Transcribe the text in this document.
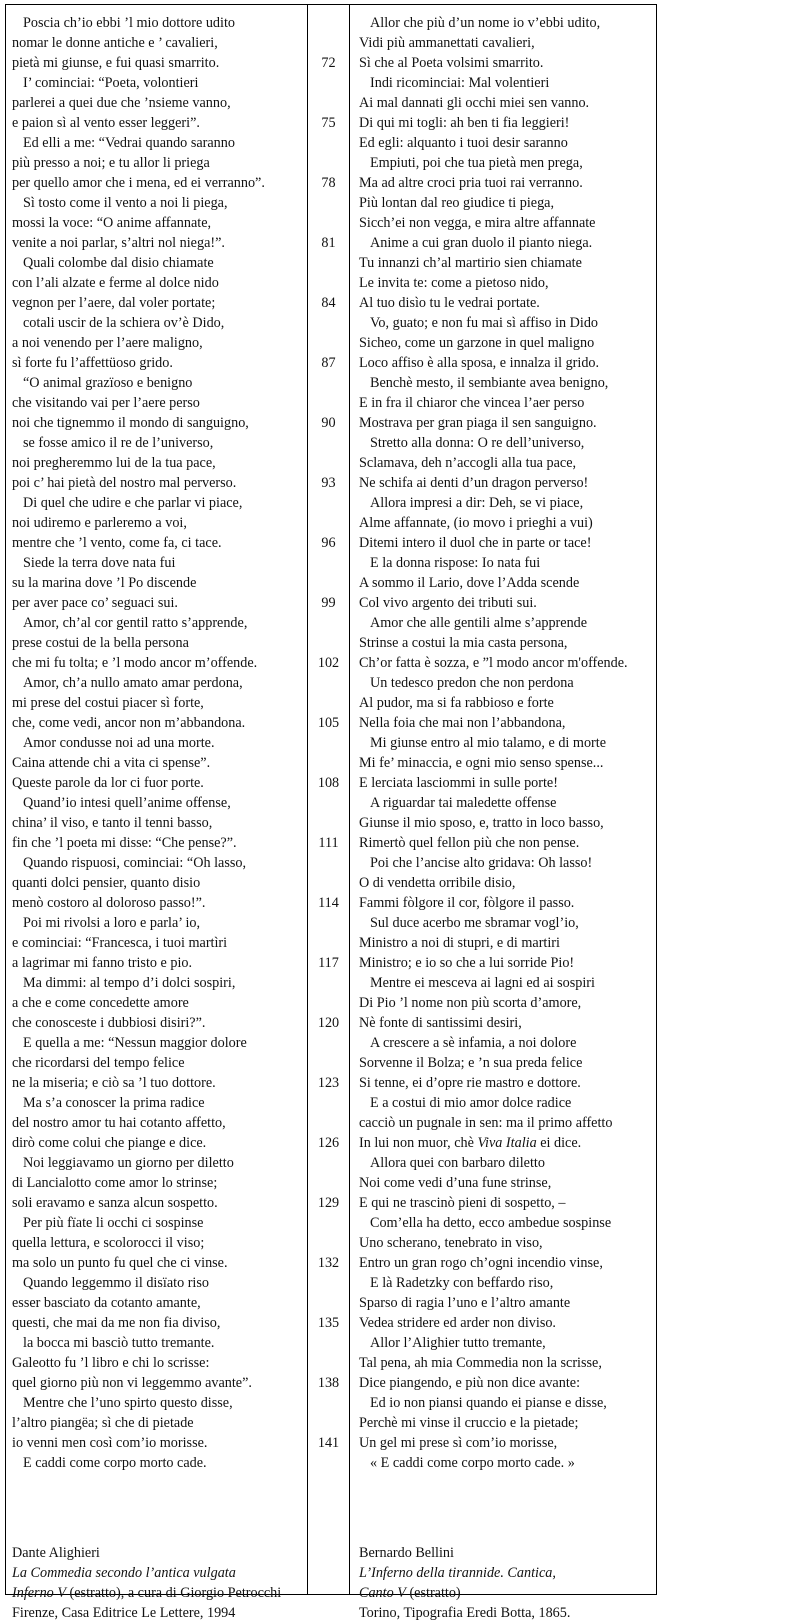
Poscia ch’io ebbi ’l mio dottore udito
nomar le donne antiche e ’ cavalieri,
pietà mi giunse, e fui quasi smarrito.
I’ cominciai: “Poeta, volontieri
parlerei a quei due che ’nsieme vanno,
e paion sì al vento esser leggeri”.
Ed elli a me: “Vedrai quando saranno
più presso a noi; e tu allor li priega
per quello amor che i mena, ed ei verranno”.
Sì tosto come il vento a noi li piega,
mossi la voce: “O anime affannate,
venite a noi parlar, s’altri nol niega!”.
Quali colombe dal disio chiamate
con l’ali alzate e ferme al dolce nido
vegnon per l’aere, dal voler portate;
cotali uscir de la schiera ov’è Dido,
a noi venendo per l’aere maligno,
sì forte fu l’affettüoso grido.
“O animal grazïoso e benigno
che visitando vai per l’aere perso
noi che tignemmo il mondo di sanguigno,
se fosse amico il re de l’universo,
noi pregheremmo lui de la tua pace,
poi c’ hai pietà del nostro mal perverso.
Di quel che udire e che parlar vi piace,
noi udiremo e parleremo a voi,
mentre che ’l vento, come fa, ci tace.
Siede la terra dove nata fui
su la marina dove ’l Po discende
per aver pace co’ seguaci sui.
Amor, ch’al cor gentil ratto s’apprende,
prese costui de la bella persona
che mi fu tolta; e ’l modo ancor m’offende.
Amor, ch’a nullo amato amar perdona,
mi prese del costui piacer sì forte,
che, come vedi, ancor non m’abbandona.
Amor condusse noi ad una morte.
Caina attende chi a vita ci spense”.
Queste parole da lor ci fuor porte.
Quand’io intesi quell’anime offense,
china’ il viso, e tanto il tenni basso,
fin che ’l poeta mi disse: “Che pense?”.
Quando rispuosi, cominciai: “Oh lasso,
quanti dolci pensier, quanto disio
menò costoro al doloroso passo!”.
Poi mi rivolsi a loro e parla’ io,
e cominciai: “Francesca, i tuoi martìri
a lagrimar mi fanno tristo e pio.
Ma dimmi: al tempo d’i dolci sospiri,
a che e come concedette amore
che conosceste i dubbiosi disiri?”.
E quella a me: “Nessun maggior dolore
che ricordarsi del tempo felice
ne la miseria; e ciò sa ’l tuo dottore.
Ma s’a conoscer la prima radice
del nostro amor tu hai cotanto affetto,
dirò come colui che piange e dice.
Noi leggiavamo un giorno per diletto
di Lancialotto come amor lo strinse;
soli eravamo e sanza alcun sospetto.
Per più fïate li occhi ci sospinse
quella lettura, e scolorocci il viso;
ma solo un punto fu quel che ci vinse.
Quando leggemmo il disïato riso
esser basciato da cotanto amante,
questi, che mai da me non fia diviso,
la bocca mi basciò tutto tremante.
Galeotto fu ’l libro e chi lo scrisse:
quel giorno più non vi leggemmo avante”.
Mentre che l’uno spirto questo disse,
l’altro piangëa; sì che di pietade
io venni men così com’io morisse.
E caddi come corpo morto cade.
72
75
78
81
84
87
90
93
96
99
102
105
108
111
114
117
120
123
126
129
132
135
138
141
Allor che più d’un nome io v’ebbi udito,
Vidi più ammanettati cavalieri,
Sì che al Poeta volsimi smarrito.
Indi ricominciai: Mal volentieri
Ai mal dannati gli occhi miei sen vanno.
Di qui mi togli: ah ben ti fia leggieri!
Ed egli: alquanto i tuoi desir saranno
Empiuti, poi che tua pietà men prega,
Ma ad altre croci pria tuoi rai verranno.
Più lontan dal reo giudice ti piega,
Sicch’ei non vegga, e mira altre affannate
Anime a cui gran duolo il pianto niega.
Tu innanzi ch’al martirio sien chiamate
Le invita te: come a pietoso nido,
Al tuo disìo tu le vedrai portate.
Vo, guato; e non fu mai sì affiso in Dido
Sicheo, come un garzone in quel maligno
Loco affiso è alla sposa, e innalza il grido.
Benchè mesto, il sembiante avea benigno,
E in fra il chiaror che vincea l’aer perso
Mostrava per gran piaga il sen sanguigno.
Stretto alla donna: O re dell’universo,
Sclamava, deh n’accogli alla tua pace,
Ne schifa ai denti d’un dragon perverso!
Allora impresi a dir: Deh, se vi piace,
Alme affannate, (io movo i prieghi a vui)
Ditemi intero il duol che in parte or tace!
E la donna rispose: Io nata fui
A sommo il Lario, dove l’Adda scende
Col vivo argento dei tributi sui.
Amor che alle gentili alme s’apprende
Strinse a costui la mia casta persona,
Ch’or fatta è sozza, e ”l modo ancor m'offende.
Un tedesco predon che non perdona
Al pudor, ma si fa rabbioso e forte
Nella foia che mai non l’abbandona,
Mi giunse entro al mio talamo, e di morte
Mi fe’ minaccia, e ogni mio senso spense...
E lerciata lasciommi in sulle porte!
A riguardar tai maledette offense
Giunse il mio sposo, e, tratto in loco basso,
Rimertò quel fellon più che non pense.
Poi che l’ancise alto gridava: Oh lasso!
O di vendetta orribile disio,
Fammi fòlgore il cor, fòlgore il passo.
Sul duce acerbo me sbramar vogl’io,
Ministro a noi di stupri, e di martiri
Ministro; e io so che a lui sorride Pio!
Mentre ei mesceva ai lagni ed ai sospiri
Di Pio ’l nome non più scorta d’amore,
Nè fonte di santissimi desiri,
A crescere a sè infamia, a noi dolore
Sorvenne il Bolza; e ’n sua preda felice
Si tenne, ei d’opre rie mastro e dottore.
E a costui di mio amor dolce radice
cacciò un pugnale in sen: ma il primo affetto
In lui non muor, chè Viva Italia ei dice.
Allora quei con barbaro diletto
Noi come vedi d’una fune strinse,
E qui ne trascinò pieni di sospetto, –
Com’ella ha detto, ecco ambedue sospinse
Uno scherano, tenebrato in viso,
Entro un gran rogo ch’ogni incendio vinse,
E là Radetzky con beffardo riso,
Sparso di ragia l’uno e l’altro amante
Vedea stridere ed arder non diviso.
Allor l’Alighier tutto tremante,
Tal pena, ah mia Commedia non la scrisse,
Dice piangendo, e più non dice avante:
Ed io non piansi quando ei pianse e disse,
Perchè mi vinse il cruccio e la pietade;
Un gel mi prese sì com’io morisse,
« E caddi come corpo morto cade. »
Dante Alighieri
La Commedia secondo l’antica vulgata
Inferno V (estratto), a cura di Giorgio Petrocchi
Firenze, Casa Editrice Le Lettere, 1994
Bernardo Bellini
L’Inferno della tirannide. Cantica,
Canto V (estratto)
Torino, Tipografia Eredi Botta, 1865.
